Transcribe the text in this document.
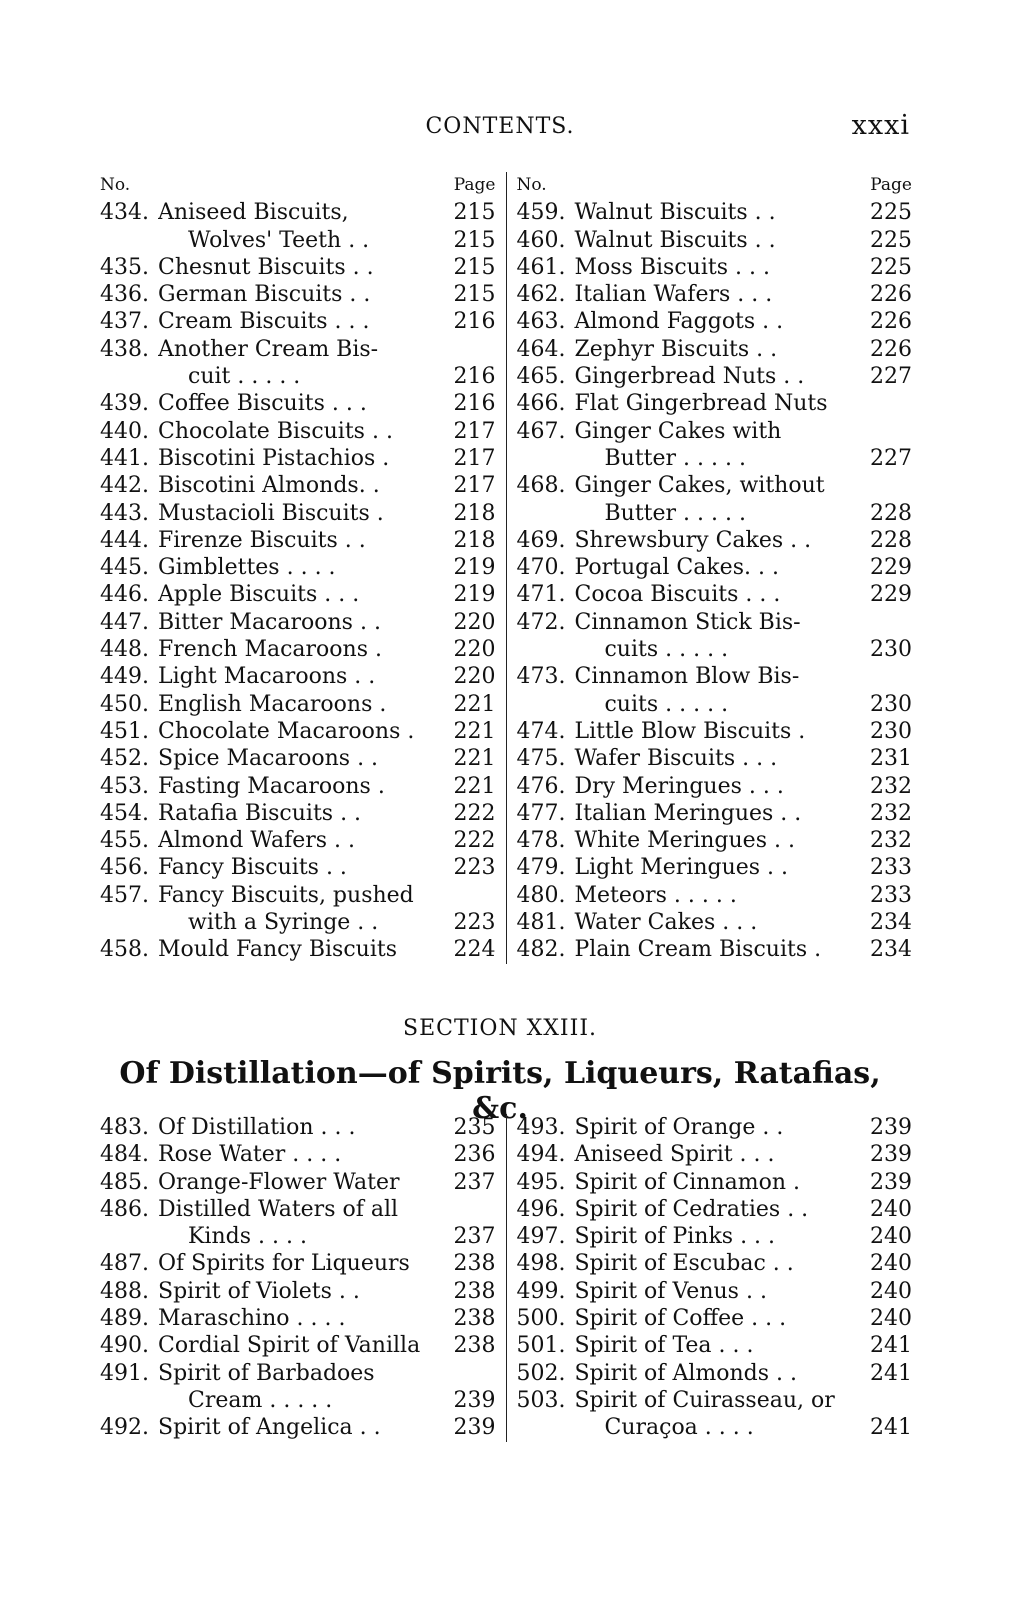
CONTENTS.	xxxi
No.	Page
434. Aniseed Biscuits,	215
Wolves' Teeth . .	215
435. Chesnut Biscuits . .	215
436. German Biscuits . .	215
437. Cream Biscuits . . .	216
438. Another Cream Bis-
cuit . . . . .	216
439. Coffee Biscuits . . .	216
440. Chocolate Biscuits . .	217
441. Biscotini Pistachios .	217
442. Biscotini Almonds. .	217
443. Mustacioli Biscuits .	218
444. Firenze Biscuits . .	218
445. Gimblettes . . . .	219
446. Apple Biscuits . . .	219
447. Bitter Macaroons . .	220
448. French Macaroons .	220
449. Light Macaroons . .	220
450. English Macaroons .	221
451. Chocolate Macaroons .	221
452. Spice Macaroons . .	221
453. Fasting Macaroons .	221
454. Ratafia Biscuits . .	222
455. Almond Wafers . .	222
456. Fancy Biscuits . .	223
457. Fancy Biscuits, pushed
with a Syringe . .	223
458. Mould Fancy Biscuits	224
No.	Page
459. Walnut Biscuits . .	225
460. Walnut Biscuits . .	225
461. Moss Biscuits . . .	225
462. Italian Wafers . . .	226
463. Almond Faggots . .	226
464. Zephyr Biscuits . .	226
465. Gingerbread Nuts . .	227
466. Flat Gingerbread Nuts
467. Ginger Cakes with
Butter . . . . .	227
468. Ginger Cakes, without
Butter . . . . .	228
469. Shrewsbury Cakes . .	228
470. Portugal Cakes. . .	229
471. Cocoa Biscuits . . .	229
472. Cinnamon Stick Bis-
cuits . . . . .	230
473. Cinnamon Blow Bis-
cuits . . . . .	230
474. Little Blow Biscuits .	230
475. Wafer Biscuits . . .	231
476. Dry Meringues . . .	232
477. Italian Meringues . .	232
478. White Meringues . .	232
479. Light Meringues . .	233
480. Meteors . . . . .	233
481. Water Cakes . . .	234
482. Plain Cream Biscuits .	234
SECTION XXIII.
Of Distillation—of Spirits, Liqueurs, Ratafias, &c.
483. Of Distillation . . .	235
484. Rose Water . . . .	236
485. Orange-Flower Water	237
486. Distilled Waters of all
Kinds . . . .	237
487. Of Spirits for Liqueurs	238
488. Spirit of Violets . .	238
489. Maraschino . . . .	238
490. Cordial Spirit of Vanilla	238
491. Spirit of Barbadoes
Cream . . . . .	239
492. Spirit of Angelica . .	239
493. Spirit of Orange . .	239
494. Aniseed Spirit . . .	239
495. Spirit of Cinnamon .	239
496. Spirit of Cedraties . .	240
497. Spirit of Pinks . . .	240
498. Spirit of Escubac . .	240
499. Spirit of Venus . .	240
500. Spirit of Coffee . . .	240
501. Spirit of Tea . . .	241
502. Spirit of Almonds . .	241
503. Spirit of Cuirasseau, or
Curaçoa . . . .	241
